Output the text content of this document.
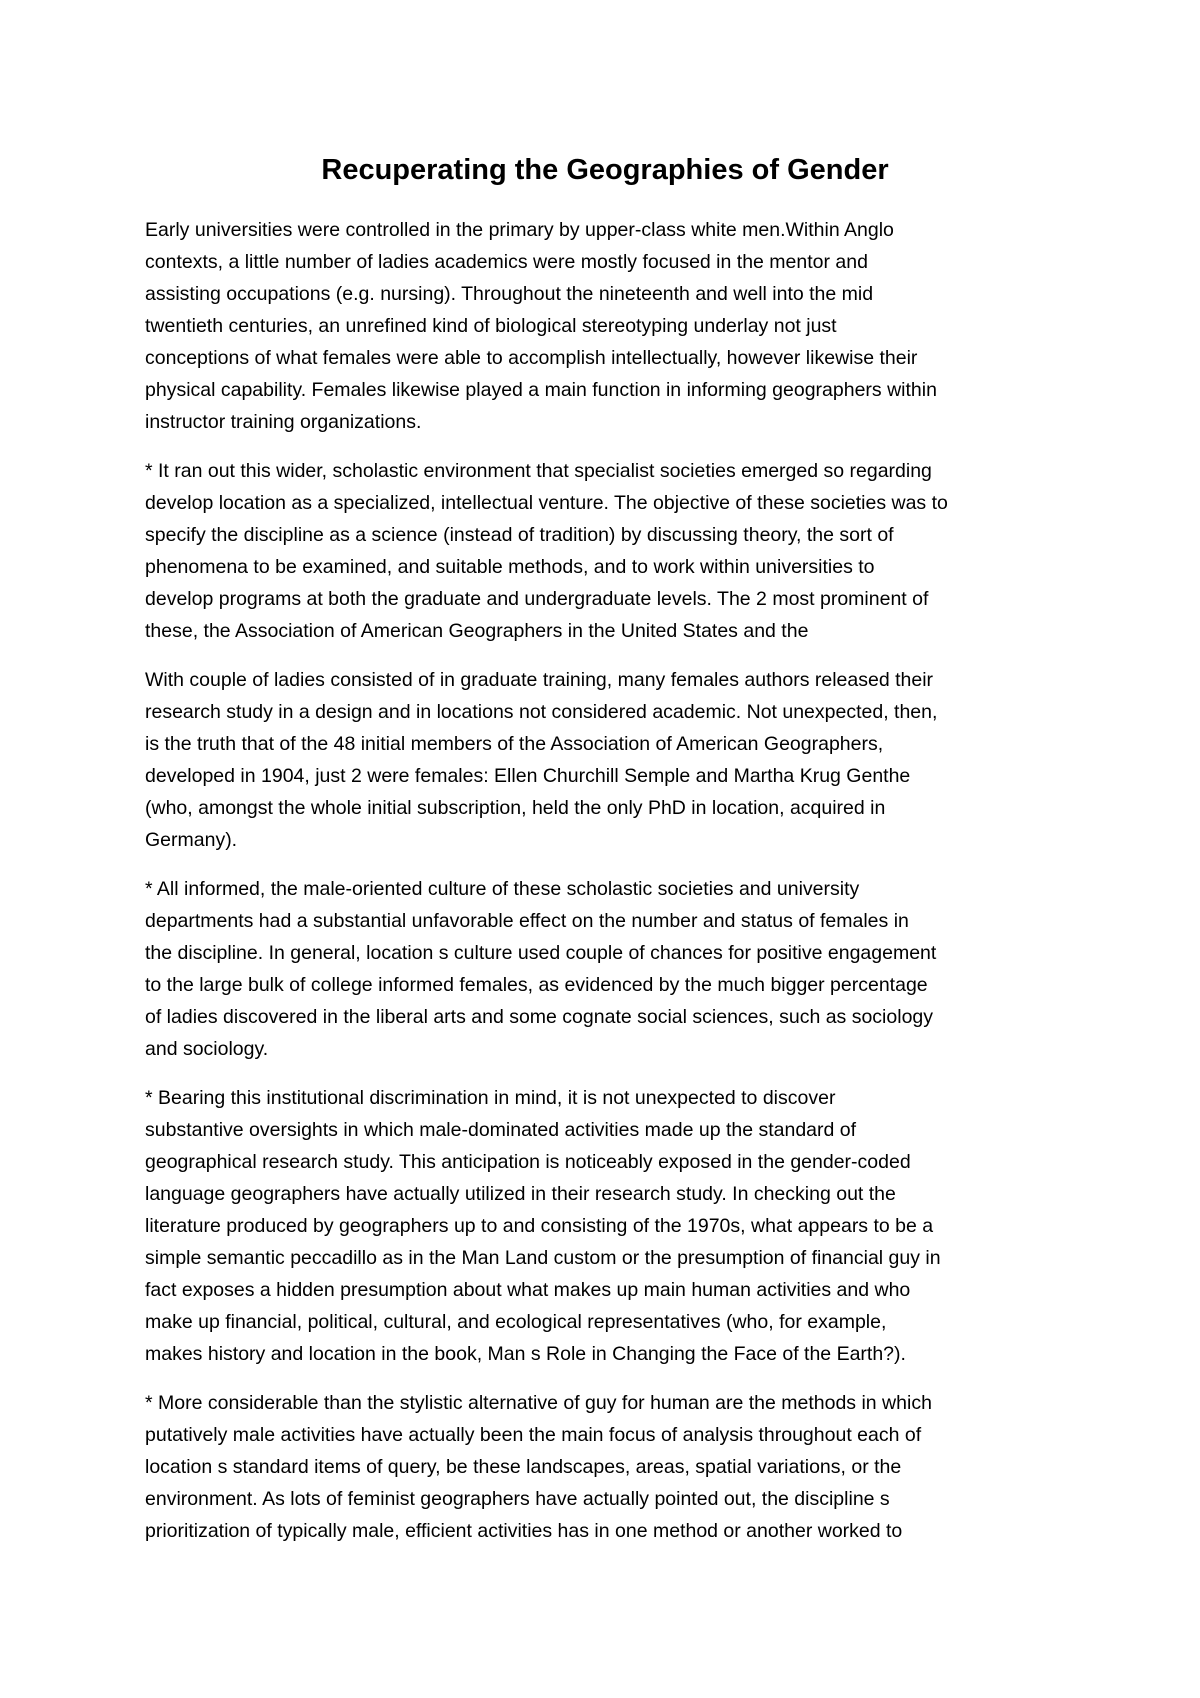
Recuperating the Geographies of Gender

Early universities were controlled in the primary by upper-class white men.Within Anglo
contexts, a little number of ladies academics were mostly focused in the mentor and
assisting occupations (e.g. nursing). Throughout the nineteenth and well into the mid
twentieth centuries, an unrefined kind of biological stereotyping underlay not just
conceptions of what females were able to accomplish intellectually, however likewise their
physical capability. Females likewise played a main function in informing geographers within
instructor training organizations.

* It ran out this wider, scholastic environment that specialist societies emerged so regarding
develop location as a specialized, intellectual venture. The objective of these societies was to
specify the discipline as a science (instead of tradition) by discussing theory, the sort of
phenomena to be examined, and suitable methods, and to work within universities to
develop programs at both the graduate and undergraduate levels. The 2 most prominent of
these, the Association of American Geographers in the United States and the

With couple of ladies consisted of in graduate training, many females authors released their
research study in a design and in locations not considered academic. Not unexpected, then,
is the truth that of the 48 initial members of the Association of American Geographers,
developed in 1904, just 2 were females: Ellen Churchill Semple and Martha Krug Genthe
(who, amongst the whole initial subscription, held the only PhD in location, acquired in
Germany).

* All informed, the male-oriented culture of these scholastic societies and university
departments had a substantial unfavorable effect on the number and status of females in
the discipline. In general, location s culture used couple of chances for positive engagement
to the large bulk of college informed females, as evidenced by the much bigger percentage
of ladies discovered in the liberal arts and some cognate social sciences, such as sociology
and sociology.

* Bearing this institutional discrimination in mind, it is not unexpected to discover
substantive oversights in which male-dominated activities made up the standard of
geographical research study. This anticipation is noticeably exposed in the gender-coded
language geographers have actually utilized in their research study. In checking out the
literature produced by geographers up to and consisting of the 1970s, what appears to be a
simple semantic peccadillo as in the Man Land custom or the presumption of financial guy in
fact exposes a hidden presumption about what makes up main human activities and who
make up financial, political, cultural, and ecological representatives (who, for example,
makes history and location in the book, Man s Role in Changing the Face of the Earth?).

* More considerable than the stylistic alternative of guy for human are the methods in which
putatively male activities have actually been the main focus of analysis throughout each of
location s standard items of query, be these landscapes, areas, spatial variations, or the
environment. As lots of feminist geographers have actually pointed out, the discipline s
prioritization of typically male, efficient activities has in one method or another worked to
